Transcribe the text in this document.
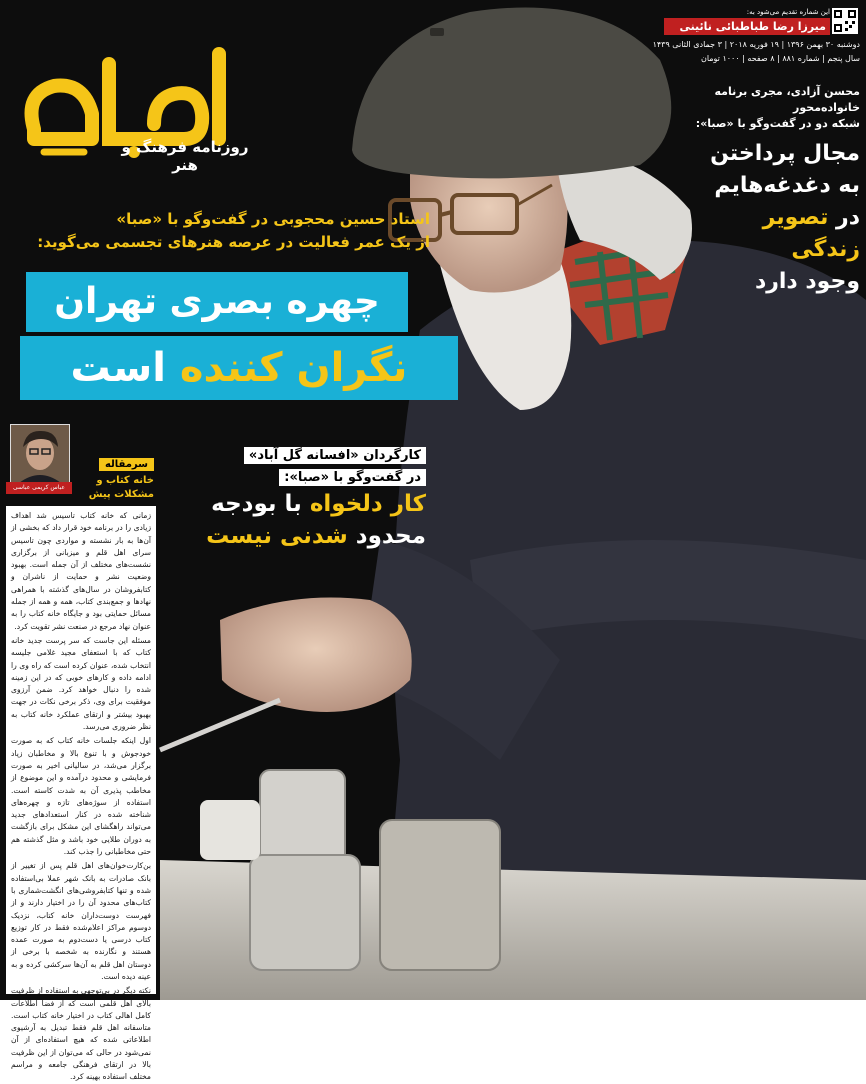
روزنامه فرهنگ و هنر
این شماره تقدیم می‌شود به:
میرزا رضا طباطبائی نائینی
دوشنبه ۳۰ بهمن ۱۳۹۶ | ۱۹ فوریه ۲۰۱۸ | ۳ جمادی الثانی ۱۴۳۹
سال پنجم | شماره ۸۸۱ | ۸ صفحه | ۱۰۰۰ تومان
محسن آزادی، مجری برنامه خانواده‌محور
شبکه دو در گفت‌و‌گو با «صبا»:
مجال پرداختن
به دغدغه‌هایم
در تصویر زندگی
وجود دارد
استاد حسین محجوبی در گفت‌وگو با «صبا»
از یک عمر فعالیت در عرصه هنرهای تجسمی می‌گوید:
چهره بصری تهران
نگران کننده است
کارگردان «افسانه گل آباد»
در گفت‌وگو با «صبا»:
کار دلخواه با بودجه
محدود شدنی نیست
عباس کریمی عباسی
سرمقاله
خانه کتاب و مشکلات پیش

زمانی که خانه کتاب تاسیس شد اهداف زیادی را در برنامه خود قرار داد که بخشی از آن‌ها به بار نشسته و مواردی چون تاسیس سرای اهل قلم و میزبانی از برگزاری نشست‌های مختلف از آن جمله است. بهبود وضعیت نشر و حمایت از ناشران و کتابفروشان در سال‌های گذشته با همراهی نهادها و جمع‌بندی کتاب، همه و همه از جمله مسائل حمایتی بود و جایگاه خانه کتاب را به عنوان نهاد مرجع در صنعت نشر تقویت کرد.

مسئله این جاست که سر پرست جدید خانه کتاب که با استعفای مجید غلامی جلیسه انتخاب شده، عنوان کرده است که راه وی را ادامه داده و کارهای خوبی که در این زمینه شده را دنبال خواهد کرد. ضمن آرزوی موفقیت برای وی، ذکر برخی نکات در جهت بهبود بیشتر و ارتقای عملکرد خانه کتاب به نظر ضروری می‌رسد.

اول اینکه جلسات خانه کتاب که به صورت خودجوش و با تنوع بالا و مخاطبان زیاد برگزار می‌شد، در سالیانی اخیر به صورت فرمایشی و محدود درآمده و این موضوع از مخاطب پذیری آن به شدت کاسته است. استفاده از سوژه‌های تازه و چهره‌های شناخته شده در کنار استعدادهای جدید می‌تواند راهگشای این مشکل برای بازگشت به دوران طلایی خود باشد و مثل گذشته هم حتی مخاطبانی را جذب کند.

بن‌کارت‌خوان‌های اهل قلم پس از تغییر از بانک صادرات به بانک شهر عملا بی‌استفاده شده و تنها کتابفروشی‌های انگشت‌شماری با کتاب‌های محدود آن را در اختیار دارند و از فهرست دوست‌داران خانه کتاب، نزدیک دوسوم مراکز اعلام‌شده فقط در کار توزیع کتاب درسی یا دست‌دوم به صورت عمده هستند و نگارنده به شخصه با برخی از دوستان اهل قلم به آن‌ها سرکشی کرده و به عینه دیده است.

نکته دیگر در بی‌توجهی به استفاده از ظرفیت بالای اهل قلمی است که از فضا اطلاعات کامل اهالی کتاب در اختیار خانه کتاب است. متاسفانه اهل قلم فقط تبدیل به آرشیوی اطلاعاتی شده که هیچ استفاده‌ای از آن نمی‌شود در حالی که می‌توان از این ظرفیت بالا در ارتقای فرهنگی جامعه و مراسم مختلف استفاده بهینه کرد.
